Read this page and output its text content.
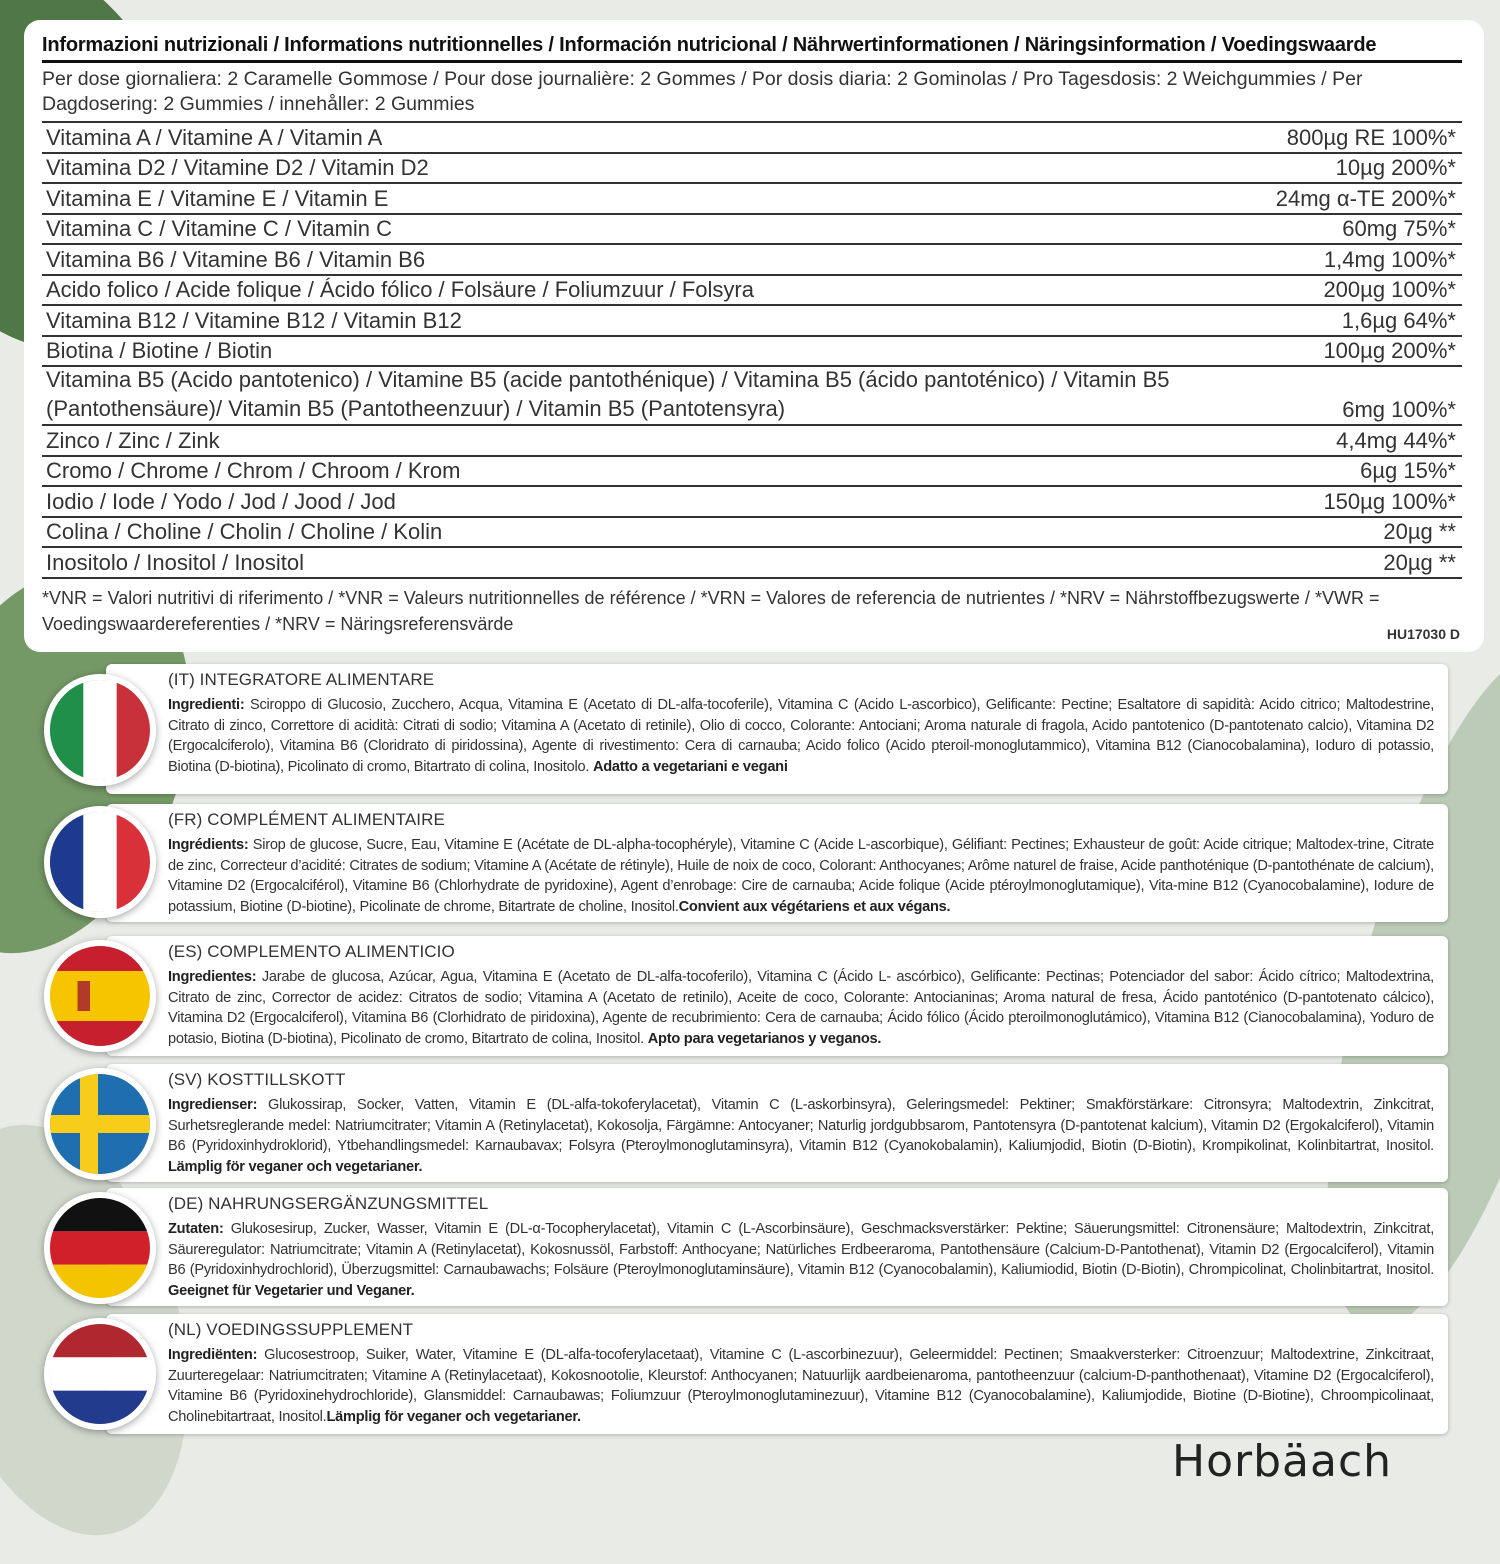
Informazioni nutrizionali / Informations nutritionnelles / Información nutricional / Nährwertinformationen / Näringsinformation / Voedingswaarde
Per dose giornaliera: 2 Caramelle Gommose / Pour dose journalière: 2 Gommes / Por dosis diaria: 2 Gominolas / Pro Tagesdosis: 2 Weichgummies / Per Dagdosering: 2 Gummies / innehåller: 2 Gummies
Vitamina A / Vitamine A / Vitamin A	800µg RE 100%*
Vitamina D2 / Vitamine D2 / Vitamin D2	10µg 200%*
Vitamina E / Vitamine E / Vitamin E	24mg α-TE 200%*
Vitamina C / Vitamine C / Vitamin C	60mg 75%*
Vitamina B6 / Vitamine B6 / Vitamin B6	1,4mg 100%*
Acido folico / Acide folique / Ácido fólico / Folsäure / Foliumzuur / Folsyra	200µg 100%*
Vitamina B12 / Vitamine B12 / Vitamin B12	1,6µg 64%*
Biotina / Biotine / Biotin	100µg 200%*
Vitamina B5 (Acido pantotenico) / Vitamine B5 (acide pantothénique) / Vitamina B5 (ácido pantoténico) / Vitamin B5 (Pantothensäure)/ Vitamin B5 (Pantotheenzuur) / Vitamin B5 (Pantotensyra)	6mg 100%*
Zinco / Zinc / Zink	4,4mg 44%*
Cromo / Chrome / Chrom / Chroom / Krom	6µg 15%*
Iodio / Iode / Yodo / Jod / Jood / Jod	150µg 100%*
Colina / Choline / Cholin / Choline / Kolin	20µg **
Inositolo / Inositol / Inositol	20µg **
*VNR = Valori nutritivi di riferimento / *VNR = Valeurs nutritionnelles de référence / *VRN = Valores de referencia de nutrientes / *NRV = Nährstoffbezugswerte / *VWR = Voedingswaardereferenties / *NRV = Näringsreferensvärde
HU17030 D
(IT) INTEGRATORE ALIMENTARE
Ingredienti: Sciroppo di Glucosio, Zucchero, Acqua, Vitamina E (Acetato di DL-alfa-tocoferile), Vitamina C (Acido L-ascorbico), Gelificante: Pectine; Esaltatore di sapidità: Acido citrico; Maltodestrine, Citrato di zinco, Correttore di acidità: Citrati di sodio; Vitamina A (Acetato di retinile), Olio di cocco, Colorante: Antociani; Aroma naturale di fragola, Acido pantotenico (D-pantotenato calcio), Vitamina D2 (Ergocalciferolo), Vitamina B6 (Cloridrato di piridossina), Agente di rivestimento: Cera di carnauba; Acido folico (Acido pteroil-monoglutammico), Vitamina B12 (Cianocobalamina), Ioduro di potassio, Biotina (D-biotina), Picolinato di cromo, Bitartrato di colina, Inositolo. Adatto a vegetariani e vegani
(FR) COMPLÉMENT ALIMENTAIRE
Ingrédients: Sirop de glucose, Sucre, Eau, Vitamine E (Acétate de DL-alpha-tocophéryle), Vitamine C (Acide L-ascorbique), Gélifiant: Pectines; Exhausteur de goût: Acide citrique; Maltodex-trine, Citrate de zinc, Correcteur d’acidité: Citrates de sodium; Vitamine A (Acétate de rétinyle), Huile de noix de coco, Colorant: Anthocyanes; Arôme naturel de fraise, Acide panthoténique (D-pantothénate de calcium), Vitamine D2 (Ergocalciférol), Vitamine B6 (Chlorhydrate de pyridoxine), Agent d’enrobage: Cire de carnauba; Acide folique (Acide ptéroylmonoglutamique), Vita-mine B12 (Cyanocobalamine), Iodure de potassium, Biotine (D-biotine), Picolinate de chrome, Bitartrate de choline, Inositol.Convient aux végétariens et aux végans.
(ES) COMPLEMENTO ALIMENTICIO
Ingredientes: Jarabe de glucosa, Azúcar, Agua, Vitamina E (Acetato de DL-alfa-tocoferilo), Vitamina C (Ácido L- ascórbico), Gelificante: Pectinas; Potenciador del sabor: Ácido cítrico; Maltodextrina, Citrato de zinc, Corrector de acidez: Citratos de sodio; Vitamina A (Acetato de retinilo), Aceite de coco, Colorante: Antocianinas; Aroma natural de fresa, Ácido pantoténico (D-pantotenato cálcico), Vitamina D2 (Ergocalciferol), Vitamina B6 (Clorhidrato de piridoxina), Agente de recubrimiento: Cera de carnauba; Ácido fólico (Ácido pteroilmonoglutámico), Vitamina B12 (Cianocobalamina), Yoduro de potasio, Biotina (D-biotina), Picolinato de cromo, Bitartrato de colina, Inositol. Apto para vegetarianos y veganos.
(SV) KOSTTILLSKOTT
Ingredienser: Glukossirap, Socker, Vatten, Vitamin E (DL-alfa-tokoferylacetat), Vitamin C (L-askorbinsyra), Geleringsmedel: Pektiner; Smakförstärkare: Citronsyra; Maltodextrin, Zinkcitrat, Surhetsreglerande medel: Natriumcitrater; Vitamin A (Retinylacetat), Kokosolja, Färgämne: Antocyaner; Naturlig jordgubbsarom, Pantotensyra (D-pantotenat kalcium), Vitamin D2 (Ergokalciferol), Vitamin B6 (Pyridoxinhydroklorid), Ytbehandlingsmedel: Karnaubavax; Folsyra (Pteroylmonoglutaminsyra), Vitamin B12 (Cyanokobalamin), Kaliumjodid, Biotin (D-Biotin), Krompikolinat, Kolinbitartrat, Inositol. Lämplig för veganer och vegetarianer.
(DE) NAHRUNGSERGÄNZUNGSMITTEL
Zutaten: Glukosesirup, Zucker, Wasser, Vitamin E (DL-α-Tocopherylacetat), Vitamin C (L-Ascorbinsäure), Geschmacksverstärker: Pektine; Säuerungsmittel: Citronensäure; Maltodextrin, Zinkcitrat, Säureregulator: Natriumcitrate; Vitamin A (Retinylacetat), Kokosnussöl, Farbstoff: Anthocyane; Natürliches Erdbeeraroma, Pantothensäure (Calcium-D-Pantothenat), Vitamin D2 (Ergocalciferol), Vitamin B6 (Pyridoxinhydrochlorid), Überzugsmittel: Carnaubawachs; Folsäure (Pteroylmonoglutaminsäure), Vitamin B12 (Cyanocobalamin), Kaliumiodid, Biotin (D-Biotin), Chrompicolinat, Cholinbitartrat, Inositol. Geeignet für Vegetarier und Veganer.
(NL) VOEDINGSSUPPLEMENT
Ingrediënten: Glucosestroop, Suiker, Water, Vitamine E (DL-alfa-tocoferylacetaat), Vitamine C (L-ascorbinezuur), Geleermiddel: Pectinen; Smaakversterker: Citroenzuur; Maltodextrine, Zinkcitraat, Zuurteregelaar: Natriumcitraten; Vitamine A (Retinylacetaat), Kokosnootolie, Kleurstof: Anthocyanen; Natuurlijk aardbeienaroma, pantotheenzuur (calcium-D-panthothenaat), Vitamine D2 (Ergocalciferol), Vitamine B6 (Pyridoxinehydrochloride), Glansmiddel: Carnaubawas; Foliumzuur (Pteroylmonoglutaminezuur), Vitamine B12 (Cyanocobalamine), Kaliumjodide, Biotine (D-Biotine), Chroompicolinaat, Cholinebitartraat, Inositol.Lämplig för veganer och vegetarianer.
Horbäach
